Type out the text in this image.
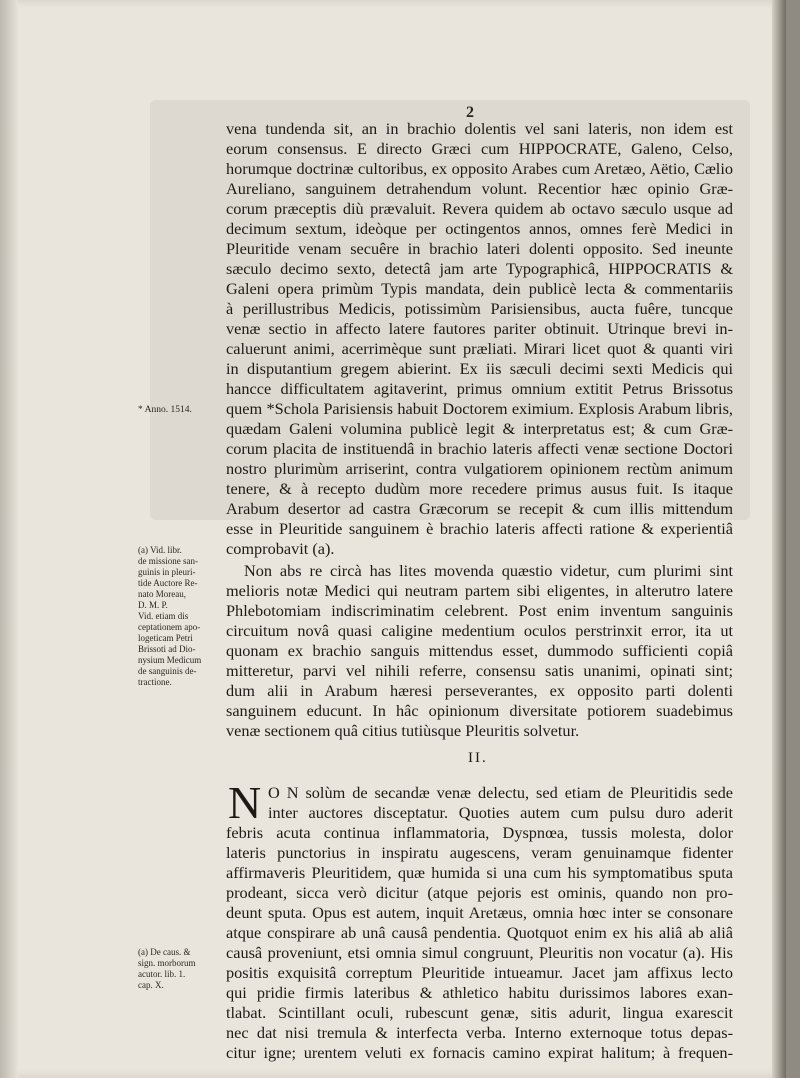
2

vena tundenda sit, an in brachio dolentis vel sani lateris, non idem est

eorum consensus. E directo Græci cum HIPPOCRATE, Galeno, Celso,

horumque doctrinæ cultoribus, ex opposito Arabes cum Aretæo, Aëtio, Cælio

Aureliano, sanguinem detrahendum volunt. Recentior hæc opinio Græ-

corum præceptis diù prævaluit. Revera quidem ab octavo sæculo usque ad

decimum sextum, ideòque per octingentos annos, omnes ferè Medici in

Pleuritide venam secuêre in brachio lateri dolenti opposito. Sed ineunte

sæculo decimo sexto, detectâ jam arte Typographicâ, HIPPOCRATIS &

Galeni opera primùm Typis mandata, dein publicè lecta & commentariis

à perillustribus Medicis, potissimùm Parisiensibus, aucta fuêre, tuncque

venæ sectio in affecto latere fautores pariter obtinuit. Utrinque brevi in-

caluerunt animi, acerrimèque sunt præliati. Mirari licet quot & quanti viri

in disputantium gregem abierint. Ex iis sæculi decimi sexti Medicis qui

hancce difficultatem agitaverint, primus omnium extitit Petrus Brissotus

quem *Schola Parisiensis habuit Doctorem eximium. Explosis Arabum libris,

quædam Galeni volumina publicè legit & interpretatus est; & cum Græ-

corum placita de instituendâ in brachio lateris affecti venæ sectione Doctori

nostro plurimùm arriserint, contra vulgatiorem opinionem rectùm animum

tenere, & à recepto dudùm more recedere primus ausus fuit. Is itaque

Arabum desertor ad castra Græcorum se recepit & cum illis mittendum

esse in Pleuritide sanguinem è brachio lateris affecti ratione & experientiâ

comprobavit (a).

Non abs re circà has lites movenda quæstio videtur, cum plurimi sint

melioris notæ Medici qui neutram partem sibi eligentes, in alterutro latere

Phlebotomiam indiscriminatim celebrent. Post enim inventum sanguinis

circuitum novâ quasi caligine medentium oculos perstrinxit error, ita ut

quonam ex brachio sanguis mittendus esset, dummodo sufficienti copiâ

mitteretur, parvi vel nihili referre, consensu satis unanimi, opinati sint;

dum alii in Arabum hæresi perseverantes, ex opposito parti dolenti

sanguinem educunt. In hâc opinionum diversitate potiorem suadebimus

venæ sectionem quâ citius tutiùsque Pleuritis solvetur.

II.
N O N solùm de secandæ venæ delectu, sed etiam de Pleuritidis sede

inter auctores disceptatur. Quoties autem cum pulsu duro aderit

febris acuta continua inflammatoria, Dyspnœa, tussis molesta, dolor

lateris punctorius in inspiratu augescens, veram genuinamque fidenter

affirmaveris Pleuritidem, quæ humida si una cum his symptomatibus sputa

prodeant, sicca verò dicitur (atque pejoris est ominis, quando non pro-

deunt sputa. Opus est autem, inquit Aretæus, omnia hœc inter se consonare

atque conspirare ab unâ causâ pendentia. Quotquot enim ex his aliâ ab aliâ

causâ proveniunt, etsi omnia simul congruunt, Pleuritis non vocatur (a). His

positis exquisitâ correptum Pleuritide intueamur. Jacet jam affixus lecto

qui pridie firmis lateribus & athletico habitu durissimos labores exan-

tlabat. Scintillant oculi, rubescunt genæ, sitis adurit, lingua exarescit

nec dat nisi tremula & interfecta verba. Interno externoque totus depas-

citur igne; urentem veluti ex fornacis camino expirat halitum; à frequen-

* Anno. 1514.

(a) Vid. libr.

de missione san-

guinis in pleuri-

tide Auctore Re-

nato Moreau,

D. M. P.

Vid. etiam dis

ceptationem apo-

logeticam Petri

Brissoti ad Dio-

nysium Medicum

de sanguinis de-

tractione.

(a) De caus. &

sign. morborum

acutor. lib. 1.

cap. X.
